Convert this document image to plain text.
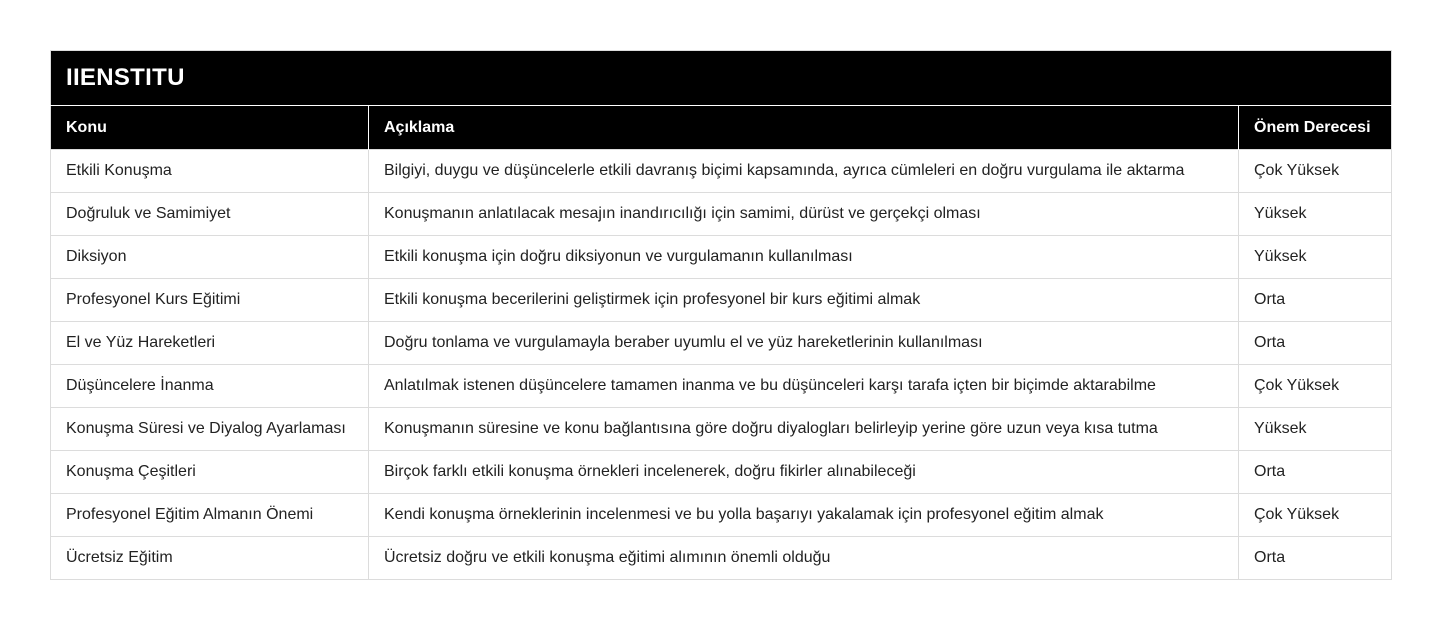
IIENSTITU		
Konu	Açıklama	Önem Derecesi
Etkili Konuşma	Bilgiyi, duygu ve düşüncelerle etkili davranış biçimi kapsamında, ayrıca cümleleri en doğru vurgulama ile aktarma	Çok Yüksek
Doğruluk ve Samimiyet	Konuşmanın anlatılacak mesajın inandırıcılığı için samimi, dürüst ve gerçekçi olması	Yüksek
Diksiyon	Etkili konuşma için doğru diksiyonun ve vurgulamanın kullanılması	Yüksek
Profesyonel Kurs Eğitimi	Etkili konuşma becerilerini geliştirmek için profesyonel bir kurs eğitimi almak	Orta
El ve Yüz Hareketleri	Doğru tonlama ve vurgulamayla beraber uyumlu el ve yüz hareketlerinin kullanılması	Orta
Düşüncelere İnanma	Anlatılmak istenen düşüncelere tamamen inanma ve bu düşünceleri karşı tarafa içten bir biçimde aktarabilme	Çok Yüksek
Konuşma Süresi ve Diyalog Ayarlaması	Konuşmanın süresine ve konu bağlantısına göre doğru diyalogları belirleyip yerine göre uzun veya kısa tutma	Yüksek
Konuşma Çeşitleri	Birçok farklı etkili konuşma örnekleri incelenerek, doğru fikirler alınabileceği	Orta
Profesyonel Eğitim Almanın Önemi	Kendi konuşma örneklerinin incelenmesi ve bu yolla başarıyı yakalamak için profesyonel eğitim almak	Çok Yüksek
Ücretsiz Eğitim	Ücretsiz doğru ve etkili konuşma eğitimi alımının önemli olduğu	Orta
